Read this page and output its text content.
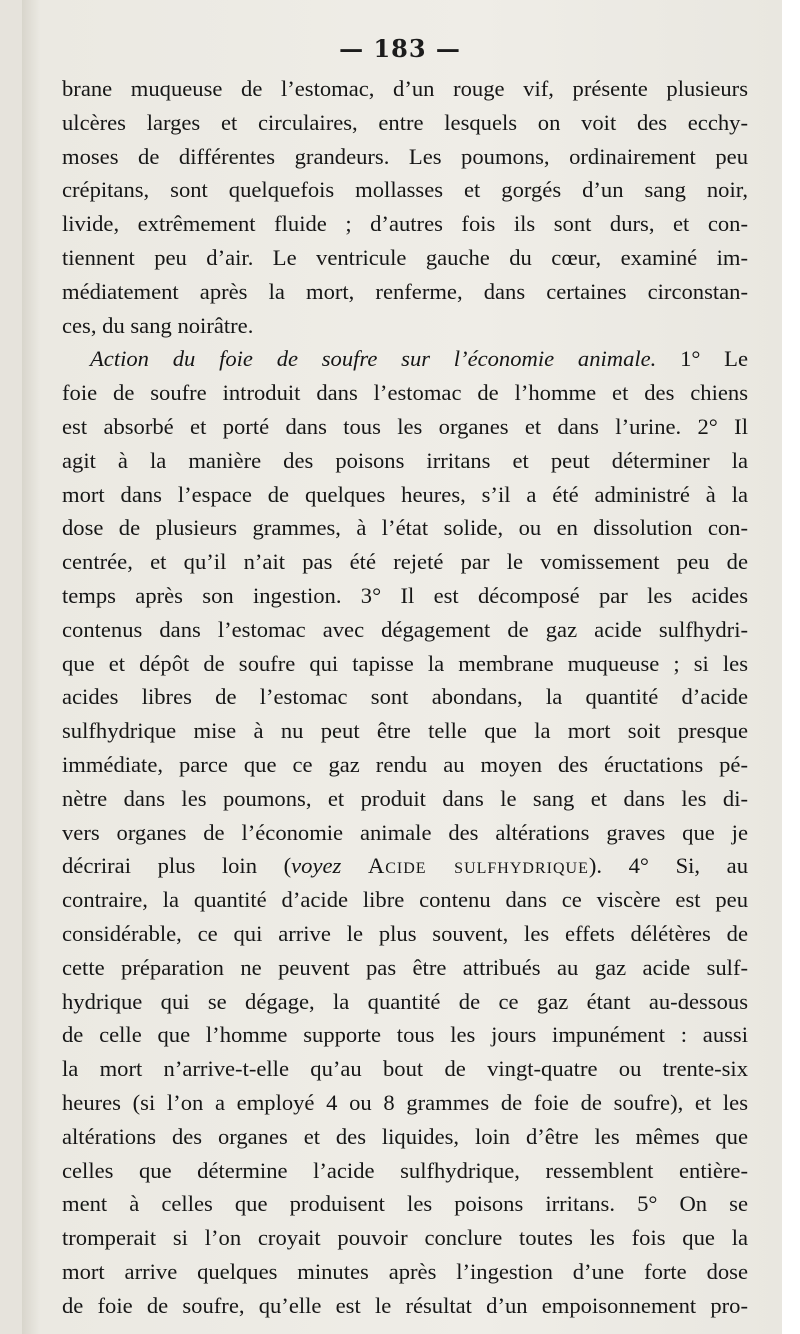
— 183 —
brane muqueuse de l’estomac, d’un rouge vif, présente plusieurs
ulcères larges et circulaires, entre lesquels on voit des ecchy-
moses de différentes grandeurs. Les poumons, ordinairement peu
crépitans, sont quelquefois mollasses et gorgés d’un sang noir,
livide, extrêmement fluide ; d’autres fois ils sont durs, et con-
tiennent peu d’air. Le ventricule gauche du cœur, examiné im-
médiatement après la mort, renferme, dans certaines circonstan-
ces, du sang noirâtre.
Action du foie de soufre sur l’économie animale. 1° Le
foie de soufre introduit dans l’estomac de l’homme et des chiens
est absorbé et porté dans tous les organes et dans l’urine. 2° Il
agit à la manière des poisons irritans et peut déterminer la
mort dans l’espace de quelques heures, s’il a été administré à la
dose de plusieurs grammes, à l’état solide, ou en dissolution con-
centrée, et qu’il n’ait pas été rejeté par le vomissement peu de
temps après son ingestion. 3° Il est décomposé par les acides
contenus dans l’estomac avec dégagement de gaz acide sulfhydri-
que et dépôt de soufre qui tapisse la membrane muqueuse ; si les
acides libres de l’estomac sont abondans, la quantité d’acide
sulfhydrique mise à nu peut être telle que la mort soit presque
immédiate, parce que ce gaz rendu au moyen des éructations pé-
nètre dans les poumons, et produit dans le sang et dans les di-
vers organes de l’économie animale des altérations graves que je
décrirai plus loin (voyez Acide sulfhydrique). 4° Si, au
contraire, la quantité d’acide libre contenu dans ce viscère est peu
considérable, ce qui arrive le plus souvent, les effets délétères de
cette préparation ne peuvent pas être attribués au gaz acide sulf-
hydrique qui se dégage, la quantité de ce gaz étant au-dessous
de celle que l’homme supporte tous les jours impunément : aussi
la mort n’arrive-t-elle qu’au bout de vingt-quatre ou trente-six
heures (si l’on a employé 4 ou 8 grammes de foie de soufre), et les
altérations des organes et des liquides, loin d’être les mêmes que
celles que détermine l’acide sulfhydrique, ressemblent entière-
ment à celles que produisent les poisons irritans. 5° On se
tromperait si l’on croyait pouvoir conclure toutes les fois que la
mort arrive quelques minutes après l’ingestion d’une forte dose
de foie de soufre, qu’elle est le résultat d’un empoisonnement pro-
